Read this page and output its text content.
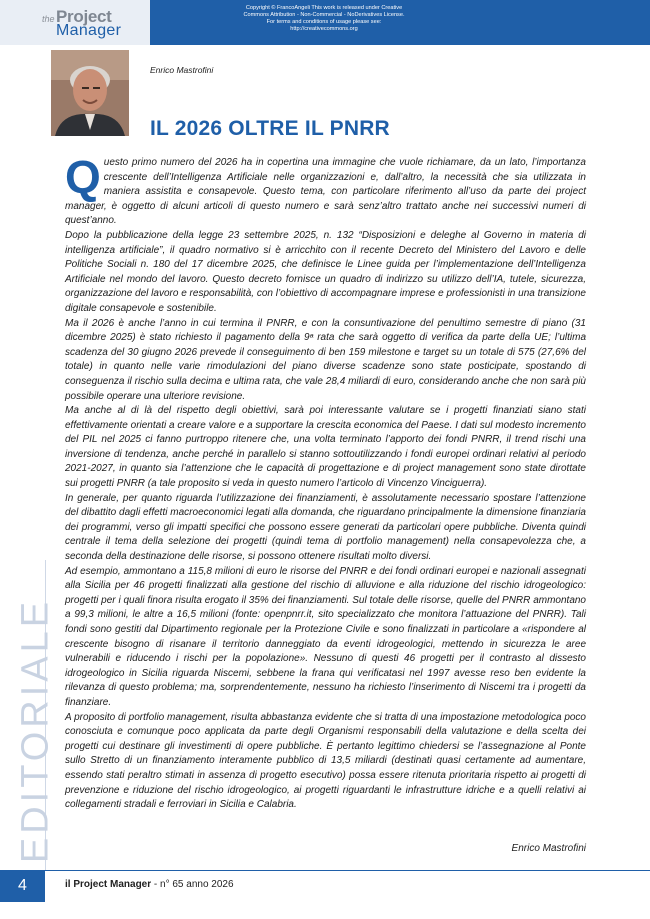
the Project
Manager
Copyright © FrancoAngeli This work is released under Creative
Commons Attribution - Non-Commercial - NoDerivatives License.
For terms and conditions of usage please see:
http://creativecommons.org
Enrico Mastrofini
IL 2026 OLTRE IL PNRR
EDITORIALE

Questo primo numero del 2026 ha in copertina una immagine che vuole richiamare, da un lato, l’importanza crescente dell’Intelligenza Artificiale nelle organizzazioni e, dall’altro, la necessità che sia utilizzata in maniera assistita e consapevole. Questo tema, con particolare riferimento all’uso da parte dei project manager, è oggetto di alcuni articoli di questo numero e sarà senz’altro trattato anche nei successivi numeri di quest’anno.

Dopo la pubblicazione della legge 23 settembre 2025, n. 132 “Disposizioni e deleghe al Governo in materia di intelligenza artificiale”, il quadro normativo si è arricchito con il recente Decreto del Ministero del Lavoro e delle Politiche Sociali n. 180 del 17 dicembre 2025, che definisce le Linee guida per l’implementazione dell’Intelligenza Artificiale nel mondo del lavoro. Questo decreto fornisce un quadro di indirizzo su utilizzo dell’IA, tutele, sicurezza, organizzazione del lavoro e responsabilità, con l’obiettivo di accompagnare imprese e professionisti in una transizione digitale consapevole e sostenibile.

Ma il 2026 è anche l’anno in cui termina il PNRR, e con la consuntivazione del penultimo semestre di piano (31 dicembre 2025) è stato richiesto il pagamento della 9ᵃ rata che sarà oggetto di verifica da parte della UE; l’ultima scadenza del 30 giugno 2026 prevede il conseguimento di ben 159 milestone e target su un totale di 575 (27,6% del totale) in quanto nelle varie rimodulazioni del piano diverse scadenze sono state posticipate, spostando di conseguenza il rischio sulla decima e ultima rata, che vale 28,4 miliardi di euro, considerando anche che non sarà più possibile operare una ulteriore revisione.

Ma anche al di là del rispetto degli obiettivi, sarà poi interessante valutare se i progetti finanziati siano stati effettivamente orientati a creare valore e a supportare la crescita economica del Paese. I dati sul modesto incremento del PIL nel 2025 ci fanno purtroppo ritenere che, una volta terminato l’apporto dei fondi PNRR, il trend rischi una inversione di tendenza, anche perché in parallelo si stanno sottoutilizzando i fondi europei ordinari relativi al periodo 2021-2027, in quanto sia l’attenzione che le capacità di progettazione e di project management sono state dirottate sui progetti PNRR (a tale proposito si veda in questo numero l’articolo di Vincenzo Vinciguerra).

In generale, per quanto riguarda l’utilizzazione dei finanziamenti, è assolutamente necessario spostare l’attenzione del dibattito dagli effetti macroeconomici legati alla domanda, che riguardano principalmente la dimensione finanziaria dei programmi, verso gli impatti specifici che possono essere generati da particolari opere pubbliche. Diventa quindi centrale il tema della selezione dei progetti (quindi tema di portfolio management) nella consapevolezza che, a seconda della destinazione delle risorse, si possono ottenere risultati molto diversi.

Ad esempio, ammontano a 115,8 milioni di euro le risorse del PNRR e dei fondi ordinari europei e nazionali assegnati alla Sicilia per 46 progetti finalizzati alla gestione del rischio di alluvione e alla riduzione del rischio idrogeologico: progetti per i quali finora risulta erogato il 35% dei finanziamenti. Sul totale delle risorse, quelle del PNRR ammontano a 99,3 milioni, le altre a 16,5 milioni (fonte: openpnrr.it, sito specializzato che monitora l’attuazione del PNRR). Tali fondi sono gestiti dal Dipartimento regionale per la Protezione Civile e sono finalizzati in particolare a «rispondere al crescente bisogno di risanare il territorio danneggiato da eventi idrogeologici, mettendo in sicurezza le aree vulnerabili e riducendo i rischi per la popolazione». Nessuno di questi 46 progetti per il contrasto al dissesto idrogeologico in Sicilia riguarda Niscemi, sebbene la frana qui verificatasi nel 1997 avesse reso ben evidente la rilevanza di questo problema; ma, sorprendentemente, nessuno ha richiesto l’inserimento di Niscemi tra i progetti da finanziare.

A proposito di portfolio management, risulta abbastanza evidente che si tratta di una impostazione metodologica poco conosciuta e comunque poco applicata da parte degli Organismi responsabili della valutazione e della scelta dei progetti cui destinare gli investimenti di opere pubbliche. È pertanto legittimo chiedersi se l’assegnazione al Ponte sullo Stretto di un finanziamento interamente pubblico di 13,5 miliardi (destinati quasi certamente ad aumentare, essendo stati peraltro stimati in assenza di progetto esecutivo) possa essere ritenuta prioritaria rispetto ai progetti di prevenzione e riduzione del rischio idrogeologico, ai progetti riguardanti le infrastrutture idriche e a quelli relativi ai collegamenti stradali e ferroviari in Sicilia e Calabria.

Enrico Mastrofini
4	il Project Manager - n° 65 anno 2026
